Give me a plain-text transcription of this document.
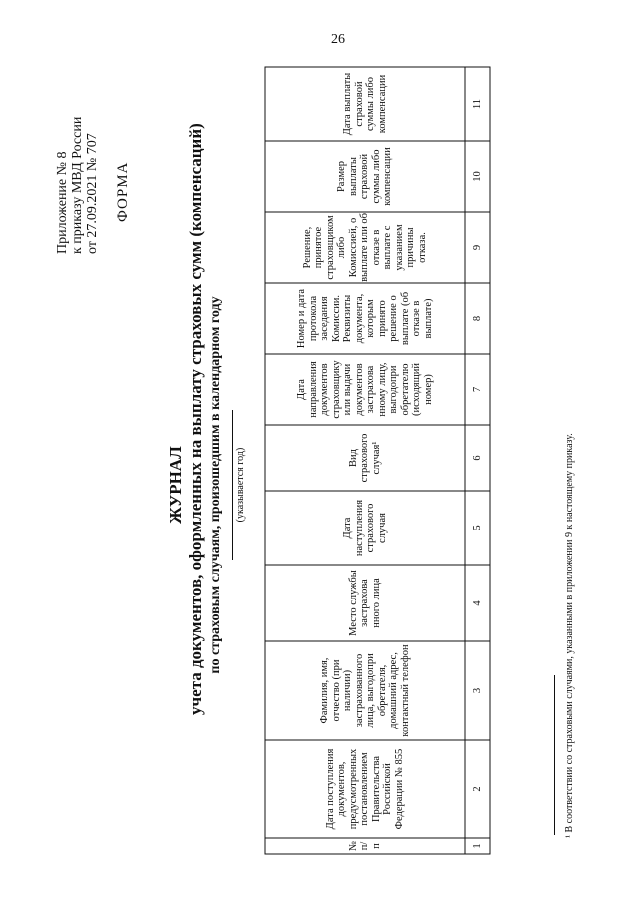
26
Приложение № 8 к приказу МВД России от 27.09.2021 № 707 ФОРМА
ЖУРНАЛ учета документов, оформленных на выплату страховых сумм (компенсаций) по страховым случаям, произошедшим в календарном году	(указывается год)
№ п/п
Дата поступления документов, предусмотренных постановлением Правительства Российской Федерации № 855
Фамилия, имя, отчество (при наличии) застрахованного лица, выгодопри обретателя, домашний адрес, контактный телефон
Место службы застрахова нного лица
Дата наступления страхового случая
Вид страхового случая¹
Дата направления документов страховщику или выдачи документов застрахова нному лицу, выгодопри обретателю (исходящий номер)
Номер и дата протокола заседания Комиссии. Реквизиты документа, которым принято решение о выплате (об отказе в выплате)
Решение, принятое страховщиком либо Комиссией, о выплате или об отказе в выплате с указанием причины отказа.
Размер выплаты страховой суммы либо компенсации
Дата выплаты страховой суммы либо компенсации
1
2
3
4
5
6
7
8
9
10
11
¹ В соответствии со страховыми случаями, указанными в приложении 9 к настоящему приказу.
